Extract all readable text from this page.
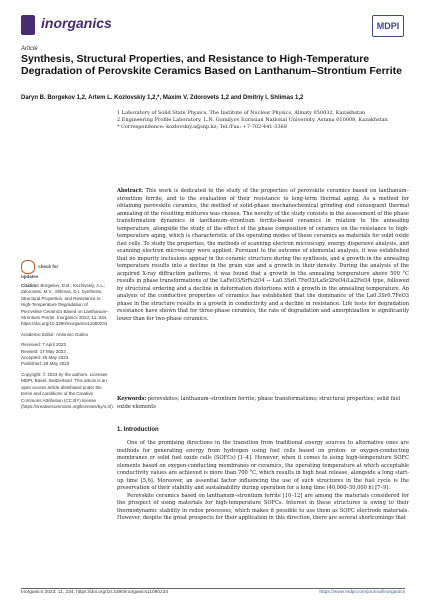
inorganics	MDPI
Article
Synthesis, Structural Properties, and Resistance to High-Temperature Degradation of Perovskite Ceramics Based on Lanthanum–Strontium Ferrite
Daryn B. Borgekov 1,2, Artem L. Kozlovskiy 1,2,*, Maxim V. Zdorovets 1,2 and Dmitriy I. Shlimas 1,2

1 Laboratory of Solid State Physics, The Institute of Nuclear Physics, Almaty 050032, Kazakhstan

2 Engineering Profile Laboratory, L.N. Gumilyov Eurasian National University, Astana 010008, Kazakhstan

* Correspondence: kozlovskiy.a@inp.kz; Tel./Fax: +7-702-441-3368

Abstract: This work is dedicated to the study of the properties of perovskite ceramics based on lanthanum–strontium ferrite, and to the evaluation of their resistance to long-term thermal aging. As a method for obtaining perovskite ceramics, the method of solid-phase mechanochemical grinding and consequent thermal annealing of the resulting mixtures was chosen. The novelty of the study consists in the assessment of the phase transformation dynamics in lanthanum–strontium ferrite-based ceramics in relation to the annealing temperature, alongside the study of the effect of the phase composition of ceramics on the resistance to high-temperature aging, which is characteristic of the operating modes of these ceramics as materials for solid oxide fuel cells. To study the properties, the methods of scanning electron microscopy, energy dispersive analysis, and scanning electron microscopy were applied. Pursuant to the outcome of elemental analysis, it was established that no impurity inclusions appear in the ceramic structure during the synthesis, and a growth in the annealing temperature results into a decline in the grain size and a growth in their density. During the analysis of the acquired X-ray diffraction patterns, it was found that a growth in the annealing temperature above 500 °C results in phase transformations of the LaFeO3/SrFe2O4 → La0.3Sr0.7FeO3/LaSr2FeO4/La2FeO4 type, followed by structural ordering and a decline in deformation distortions with a growth in the annealing temperature. An analysis of the conductive properties of ceramics has established that the dominance of the La0.3Sr0.7FeO3 phase in the structure results in a growth in conductivity and a decline in resistance. Life tests for degradation resistance have shown that for three-phase ceramics, the rate of degradation and amorphization is significantly lower than for two-phase ceramics.
Keywords: perovskites; lanthanum–strontium ferrite; phase transformations; structural properties; solid fuel oxide elements
check for updates

Citation: Borgekov, D.B.; Kozlovskiy, A.L.; Zdorovets, M.V.; Shlimas, D.I. Synthesis, Structural Properties, and Resistance to High-Temperature Degradation of Perovskite Ceramics Based on Lanthanum–Strontium Ferrite. Inorganics 2023, 11, 234. https://doi.org/10.3390/inorganics11060234

Academic Editor: Antonino Gulino

Received: 7 April 2023

Revised: 17 May 2023

Accepted: 26 May 2023

Published: 28 May 2023

Copyright: © 2023 by the authors. Licensee MDPI, Basel, Switzerland. This article is an open access article distributed under the terms and conditions of the Creative Commons Attribution (CC BY) license (https://creativecommons.org/licenses/by/4.0/).

1. Introduction

One of the promising directions in the transition from traditional energy sources to alternative ones are methods for generating energy from hydrogen using fuel cells based on proton- or oxygen-conducting membranes or solid fuel oxide cells (SOFCs) [1–4]. However, when it comes to using high-temperature SOFC elements based on oxygen-conducting membranes or ceramics, the operating temperature at which acceptable conductivity values are achieved is more than 700 °C, which results in high heat release, alongside a long start-up time [5,6]. Moreover, an essential factor influencing the use of such structures in the fuel cycle is the preservation of their stability and sustainability during operation for a long time (40,000–50,000 h) [7–9].

Perovskite ceramics based on lanthanum–strontium ferrite [10–12] are among the materials considered for the prospect of using materials for high-temperature SOFCs. Interest in these structures is owing to their thermodynamic stability in redox processes, which makes it possible to use them as SOFC electrode materials. However, despite the great prospects for their application in this direction, there are several shortcomings that

Inorganics 2023, 11, 234. https://doi.org/10.3390/inorganics11060234	https://www.mdpi.com/journal/inorganics
